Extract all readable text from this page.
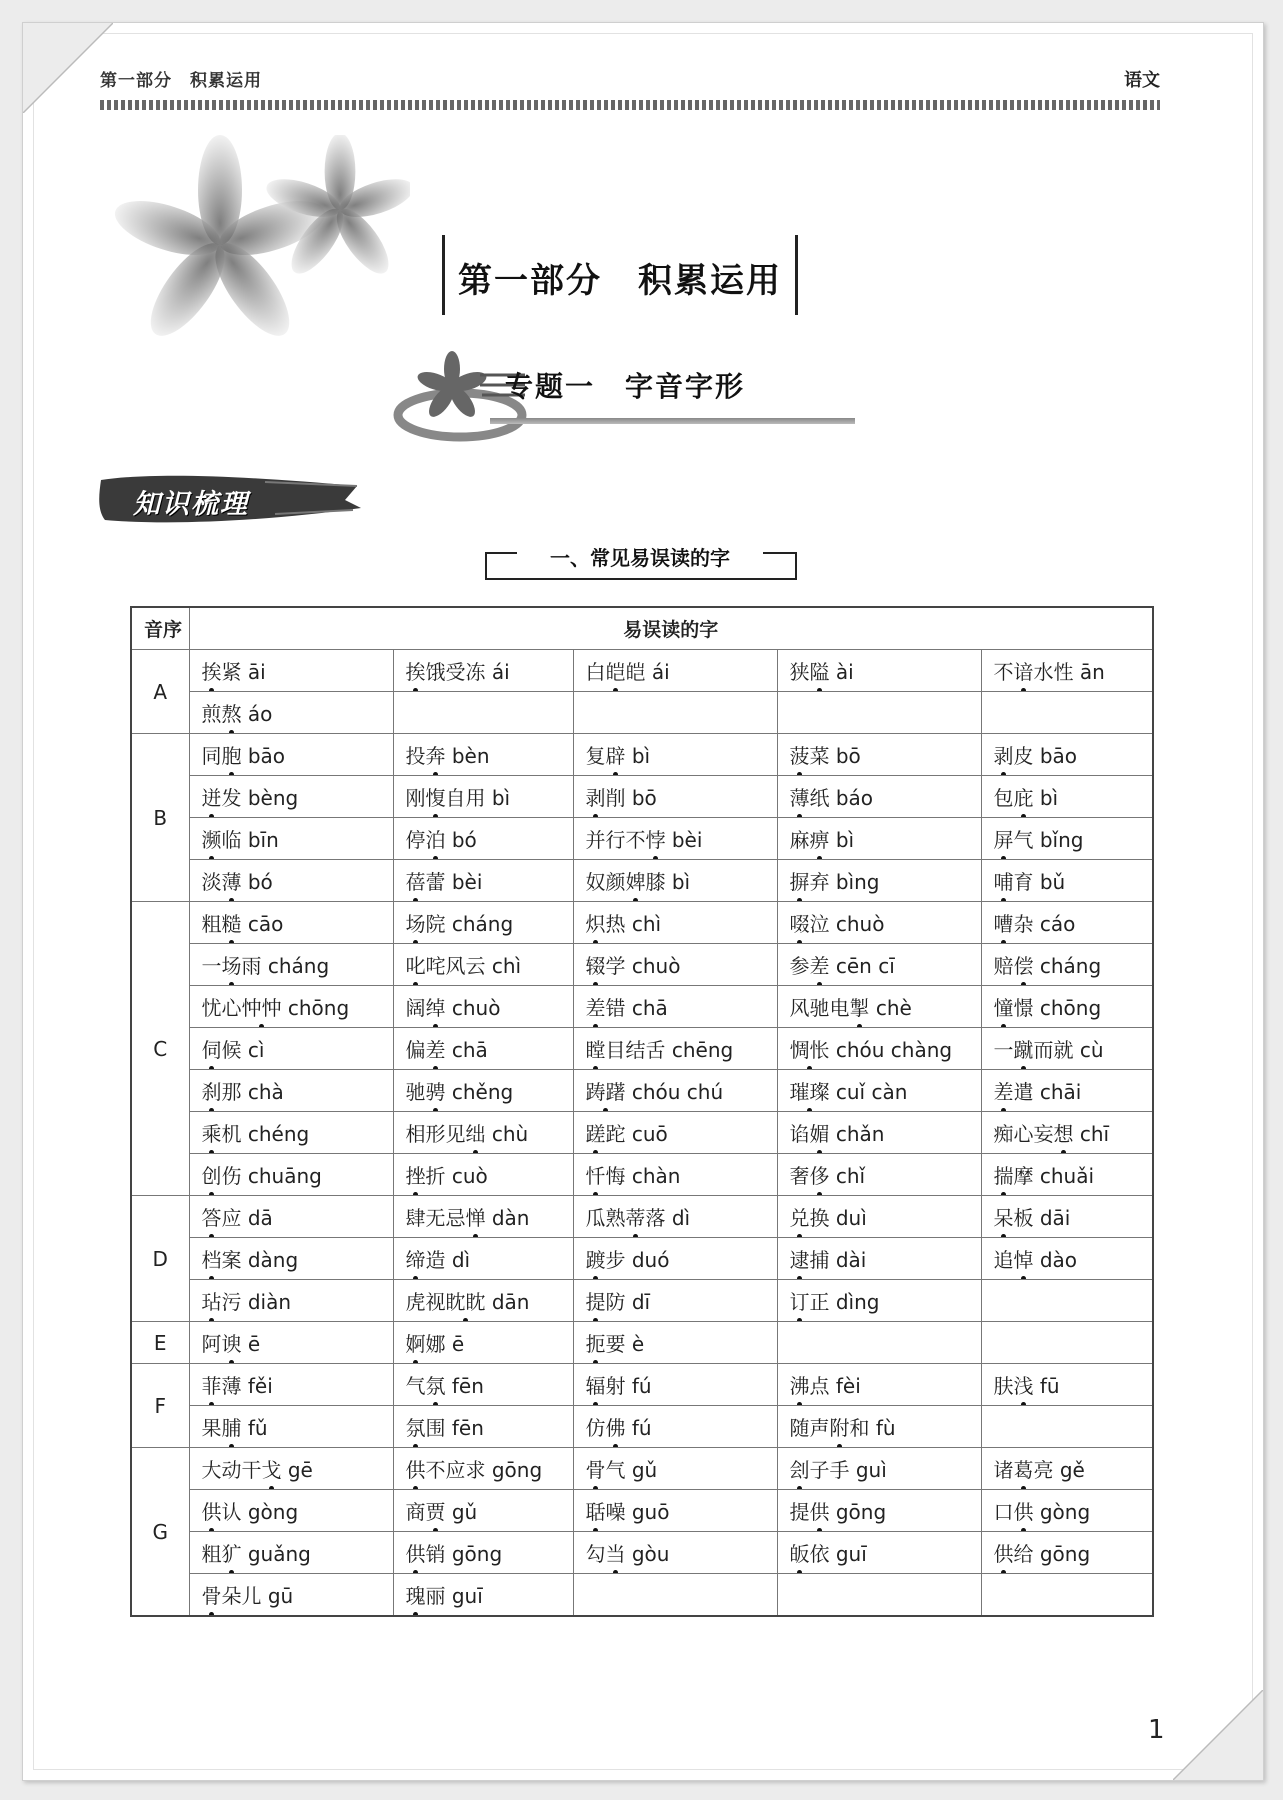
第一部分　积累运用	语文
第一部分　积累运用
专题一　字音字形
知识梳理
一、常见易误读的字
音序	易误读的字				
A	挨紧 āi	挨饿受冻 ái	白皑皑 ái	狭隘 ài	不谙水性 ān
	煎熬 áo				
B	同胞 bāo	投奔 bèn	复辟 bì	菠菜 bō	剥皮 bāo
	迸发 bèng	刚愎自用 bì	剥削 bō	薄纸 báo	包庇 bì
	濒临 bīn	停泊 bó	并行不悖 bèi	麻痹 bì	屏气 bǐng
	淡薄 bó	蓓蕾 bèi	奴颜婢膝 bì	摒弃 bìng	哺育 bǔ
C	粗糙 cāo	场院 cháng	炽热 chì	啜泣 chuò	嘈杂 cáo
	一场雨 cháng	叱咤风云 chì	辍学 chuò	参差 cēn cī	赔偿 cháng
	忧心忡忡 chōng	阔绰 chuò	差错 chā	风驰电掣 chè	憧憬 chōng
	伺候 cì	偏差 chā	瞠目结舌 chēng	惆怅 chóu chàng	一蹴而就 cù
	刹那 chà	驰骋 chěng	踌躇 chóu chú	璀璨 cuǐ càn	差遣 chāi
	乘机 chéng	相形见绌 chù	蹉跎 cuō	谄媚 chǎn	痴心妄想 chī
	创伤 chuāng	挫折 cuò	忏悔 chàn	奢侈 chǐ	揣摩 chuǎi
D	答应 dā	肆无忌惮 dàn	瓜熟蒂落 dì	兑换 duì	呆板 dāi
	档案 dàng	缔造 dì	踱步 duó	逮捕 dài	追悼 dào
	玷污 diàn	虎视眈眈 dān	提防 dī	订正 dìng	
E	阿谀 ē	婀娜 ē	扼要 è		
F	菲薄 fěi	气氛 fēn	辐射 fú	沸点 fèi	肤浅 fū
	果脯 fǔ	氛围 fēn	仿佛 fú	随声附和 fù	
G	大动干戈 gē	供不应求 gōng	骨气 gǔ	刽子手 guì	诸葛亮 gě
	供认 gòng	商贾 gǔ	聒噪 guō	提供 gōng	口供 gòng
	粗犷 guǎng	供销 gōng	勾当 gòu	皈依 guī	供给 gōng
	骨朵儿 gū	瑰丽 guī			
1
